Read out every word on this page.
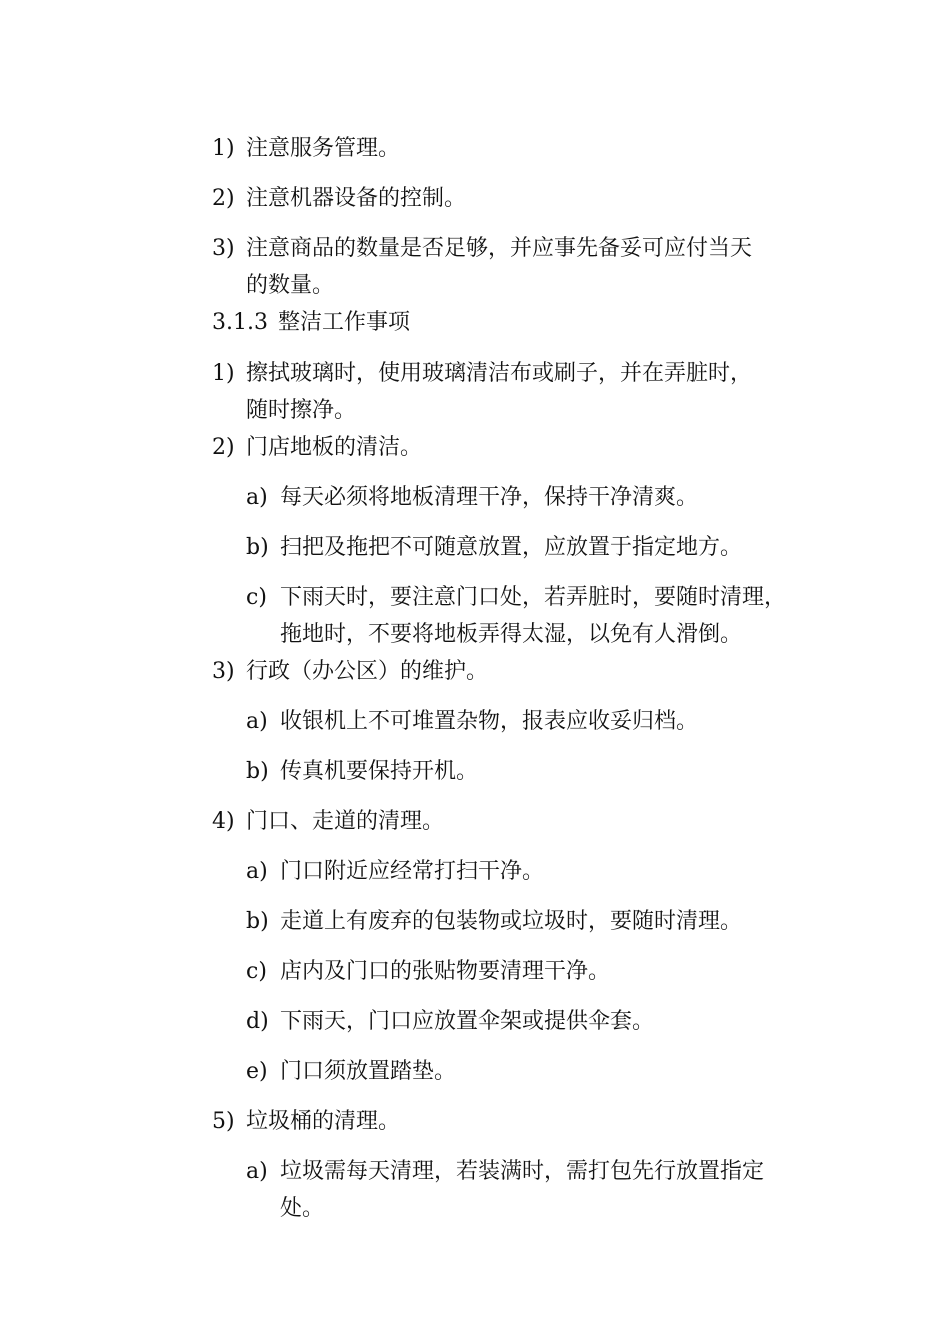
1) 注意服务管理。
2) 注意机器设备的控制。
3) 注意商品的数量是否足够，并应事先备妥可应付当天
的数量。
3.1.3 整洁工作事项
1) 擦拭玻璃时，使用玻璃清洁布或刷子，并在弄脏时，
随时擦净。
2) 门店地板的清洁。
a) 每天必须将地板清理干净，保持干净清爽。
b) 扫把及拖把不可随意放置，应放置于指定地方。
c) 下雨天时，要注意门口处，若弄脏时，要随时清理，
拖地时，不要将地板弄得太湿，以免有人滑倒。
3) 行政（办公区）的维护。
a) 收银机上不可堆置杂物，报表应收妥归档。
b) 传真机要保持开机。
4) 门口、走道的清理。
a) 门口附近应经常打扫干净。
b) 走道上有废弃的包装物或垃圾时，要随时清理。
c) 店内及门口的张贴物要清理干净。
d) 下雨天，门口应放置伞架或提供伞套。
e) 门口须放置踏垫。
5) 垃圾桶的清理。
a) 垃圾需每天清理，若装满时，需打包先行放置指定
处。
